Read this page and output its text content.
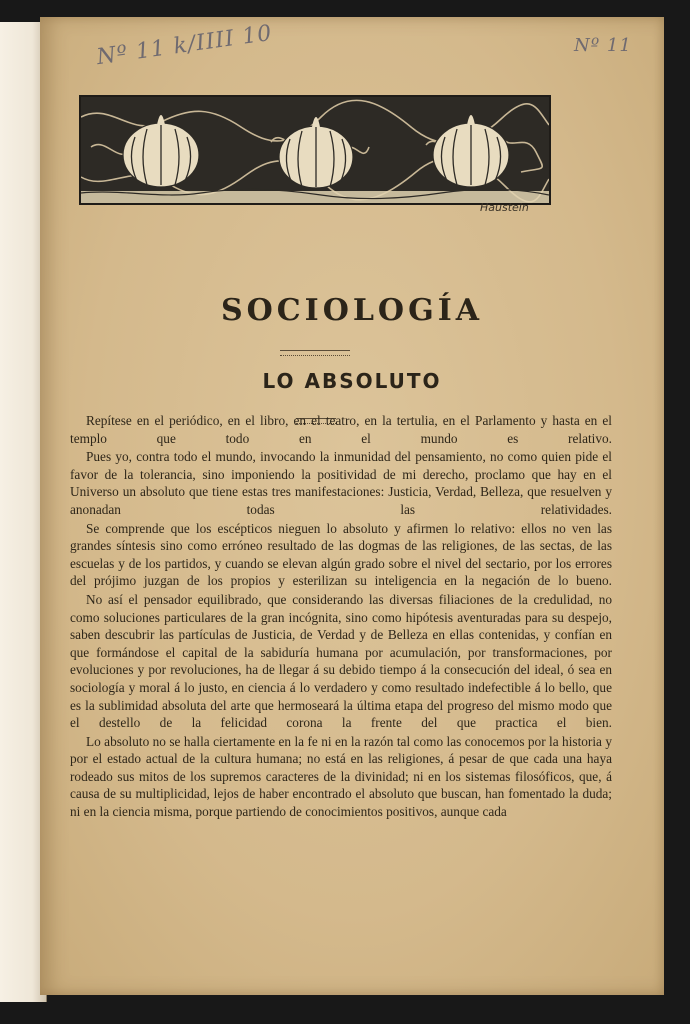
Nº 11 k/IIII 10	Nº 11
Haustein
SOCIOLOGÍA
LO ABSOLUTO

Repítese en el periódico, en el libro, en el teatro, en la tertulia, en el Parlamento y hasta en el templo que todo en el mundo es relativo.

Pues yo, contra todo el mundo, invocando la inmunidad del pensamiento, no como quien pide el favor de la tolerancia, sino imponiendo la positividad de mi derecho, proclamo que hay en el Universo un absoluto que tiene estas tres manifestaciones: Justicia, Verdad, Belleza, que resuelven y anonadan todas las relatividades.

Se comprende que los escépticos nieguen lo absoluto y afirmen lo relativo: ellos no ven las grandes síntesis sino como erróneo resultado de las dogmas de las religiones, de las sectas, de las escuelas y de los partidos, y cuando se elevan algún grado sobre el nivel del sectario, por los errores del prójimo juzgan de los propios y esterilizan su inteligencia en la negación de lo bueno.

No así el pensador equilibrado, que considerando las diversas filiaciones de la credulidad, no como soluciones particulares de la gran incógnita, sino como hipótesis aventuradas para su despejo, saben descubrir las partículas de Justicia, de Verdad y de Belleza en ellas contenidas, y confían en que formándose el capital de la sabiduría humana por acumulación, por transformaciones, por evoluciones y por revoluciones, ha de llegar á su debido tiempo á la consecución del ideal, ó sea en sociología y moral á lo justo, en ciencia á lo verdadero y como resultado indefectible á lo bello, que es la sublimidad absoluta del arte que hermoseará la última etapa del progreso del mismo modo que el destello de la felicidad corona la frente del que practica el bien.

Lo absoluto no se halla ciertamente en la fe ni en la razón tal como las conocemos por la historia y por el estado actual de la cultura humana; no está en las religiones, á pesar de que cada una haya rodeado sus mitos de los supremos caracteres de la divinidad; ni en los sistemas filosóficos, que, á causa de su multiplicidad, lejos de haber encontrado el absoluto que buscan, han fomentado la duda; ni en la ciencia misma, porque partiendo de conocimientos positivos, aunque cada
